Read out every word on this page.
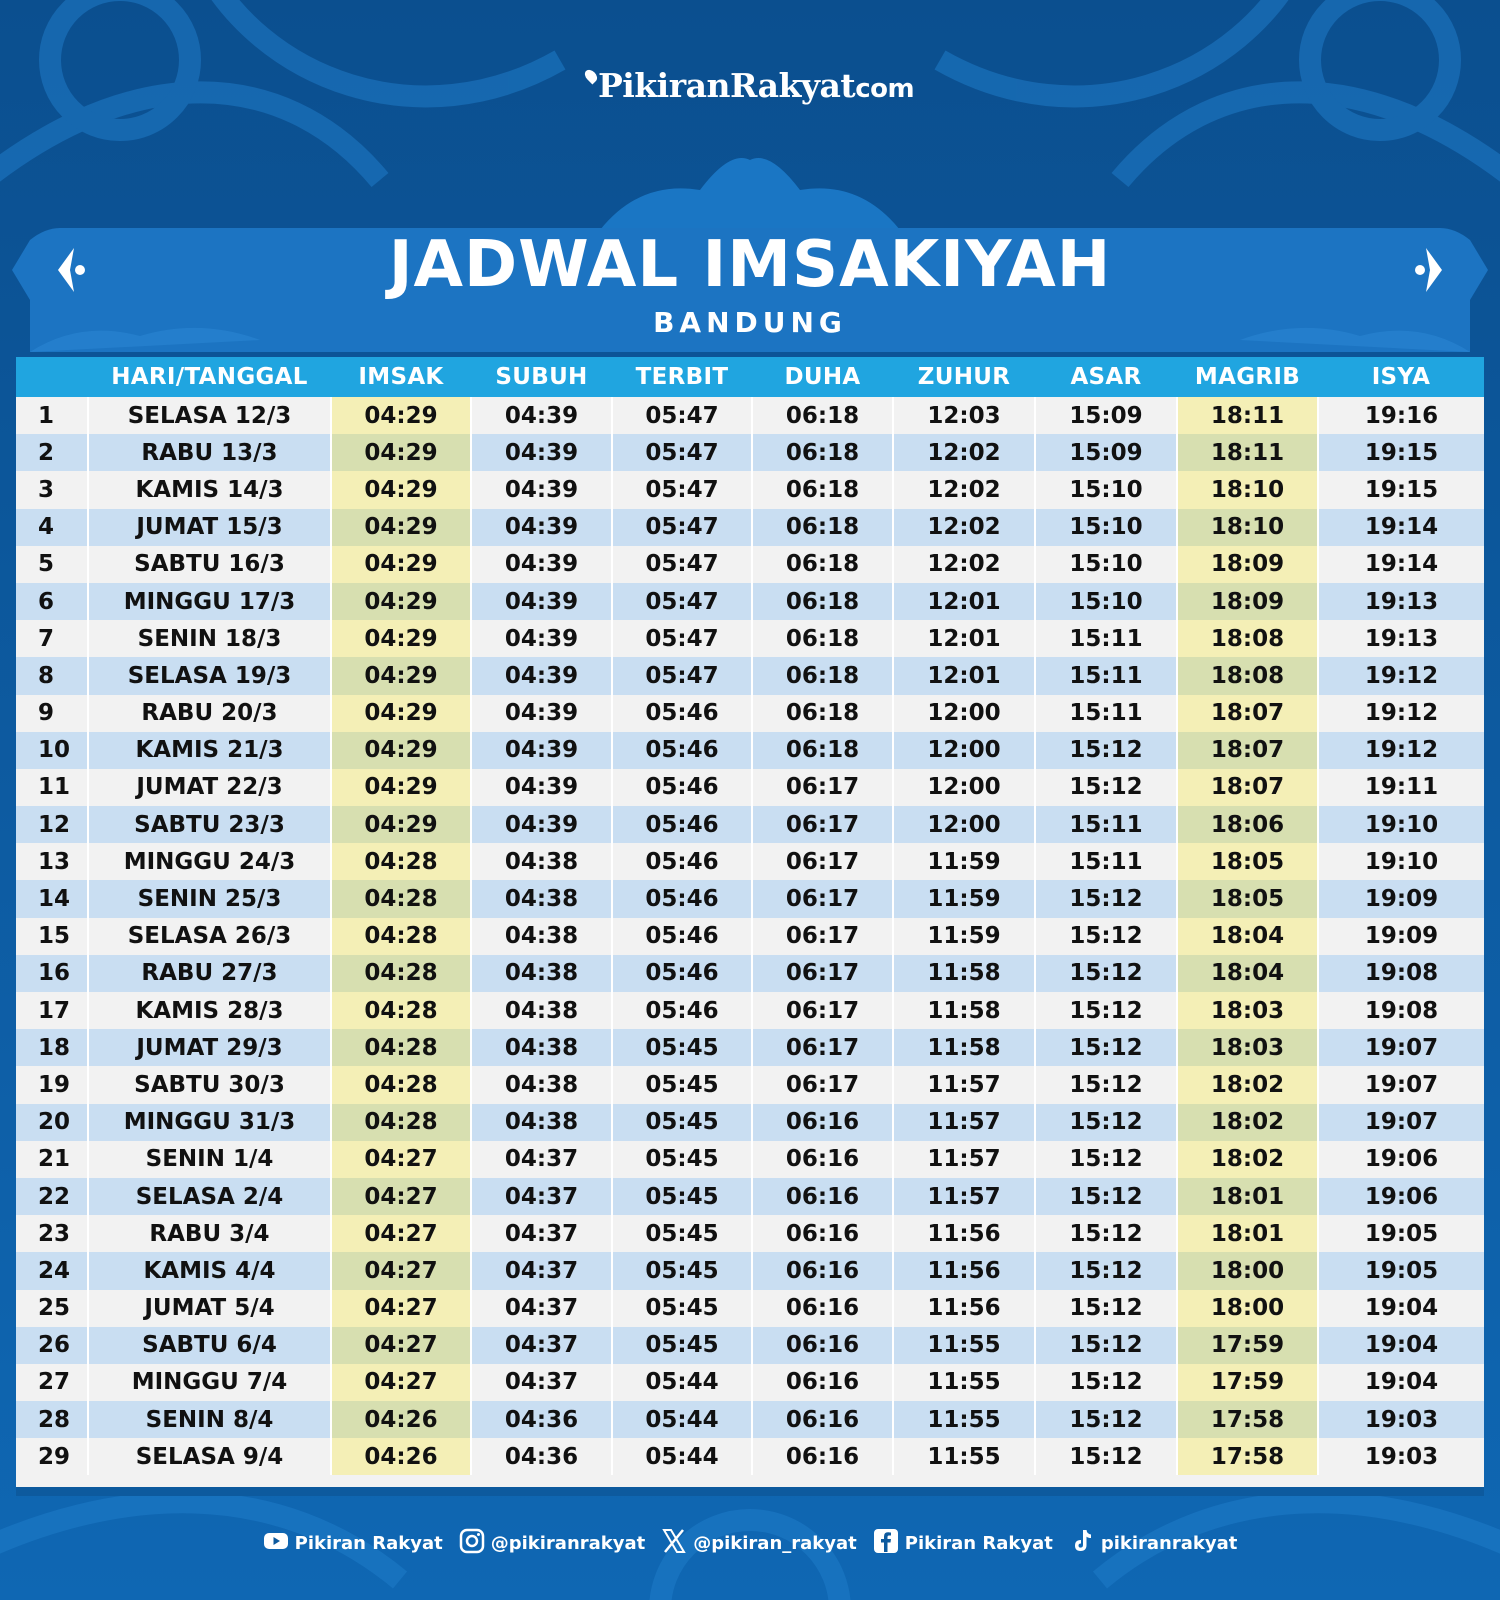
PikiranRakyatcom
JADWAL IMSAKIYAH
BANDUNG
	HARI/TANGGAL	IMSAK	SUBUH	TERBIT	DUHA	ZUHUR	ASAR	MAGRIB	ISYA
1	SELASA 12/3	04:29	04:39	05:47	06:18	12:03	15:09	18:11	19:16
2	RABU 13/3	04:29	04:39	05:47	06:18	12:02	15:09	18:11	19:15
3	KAMIS 14/3	04:29	04:39	05:47	06:18	12:02	15:10	18:10	19:15
4	JUMAT 15/3	04:29	04:39	05:47	06:18	12:02	15:10	18:10	19:14
5	SABTU 16/3	04:29	04:39	05:47	06:18	12:02	15:10	18:09	19:14
6	MINGGU 17/3	04:29	04:39	05:47	06:18	12:01	15:10	18:09	19:13
7	SENIN 18/3	04:29	04:39	05:47	06:18	12:01	15:11	18:08	19:13
8	SELASA 19/3	04:29	04:39	05:47	06:18	12:01	15:11	18:08	19:12
9	RABU 20/3	04:29	04:39	05:46	06:18	12:00	15:11	18:07	19:12
10	KAMIS 21/3	04:29	04:39	05:46	06:18	12:00	15:12	18:07	19:12
11	JUMAT 22/3	04:29	04:39	05:46	06:17	12:00	15:12	18:07	19:11
12	SABTU 23/3	04:29	04:39	05:46	06:17	12:00	15:11	18:06	19:10
13	MINGGU 24/3	04:28	04:38	05:46	06:17	11:59	15:11	18:05	19:10
14	SENIN 25/3	04:28	04:38	05:46	06:17	11:59	15:12	18:05	19:09
15	SELASA 26/3	04:28	04:38	05:46	06:17	11:59	15:12	18:04	19:09
16	RABU 27/3	04:28	04:38	05:46	06:17	11:58	15:12	18:04	19:08
17	KAMIS 28/3	04:28	04:38	05:46	06:17	11:58	15:12	18:03	19:08
18	JUMAT 29/3	04:28	04:38	05:45	06:17	11:58	15:12	18:03	19:07
19	SABTU 30/3	04:28	04:38	05:45	06:17	11:57	15:12	18:02	19:07
20	MINGGU 31/3	04:28	04:38	05:45	06:16	11:57	15:12	18:02	19:07
21	SENIN 1/4	04:27	04:37	05:45	06:16	11:57	15:12	18:02	19:06
22	SELASA 2/4	04:27	04:37	05:45	06:16	11:57	15:12	18:01	19:06
23	RABU 3/4	04:27	04:37	05:45	06:16	11:56	15:12	18:01	19:05
24	KAMIS 4/4	04:27	04:37	05:45	06:16	11:56	15:12	18:00	19:05
25	JUMAT 5/4	04:27	04:37	05:45	06:16	11:56	15:12	18:00	19:04
26	SABTU 6/4	04:27	04:37	05:45	06:16	11:55	15:12	17:59	19:04
27	MINGGU 7/4	04:27	04:37	05:44	06:16	11:55	15:12	17:59	19:04
28	SENIN 8/4	04:26	04:36	05:44	06:16	11:55	15:12	17:58	19:03
29	SELASA 9/4	04:26	04:36	05:44	06:16	11:55	15:12	17:58	19:03
Pikiran Rakyat	@pikiranrakyat	@pikiran_rakyat	Pikiran Rakyat	pikiranrakyat
